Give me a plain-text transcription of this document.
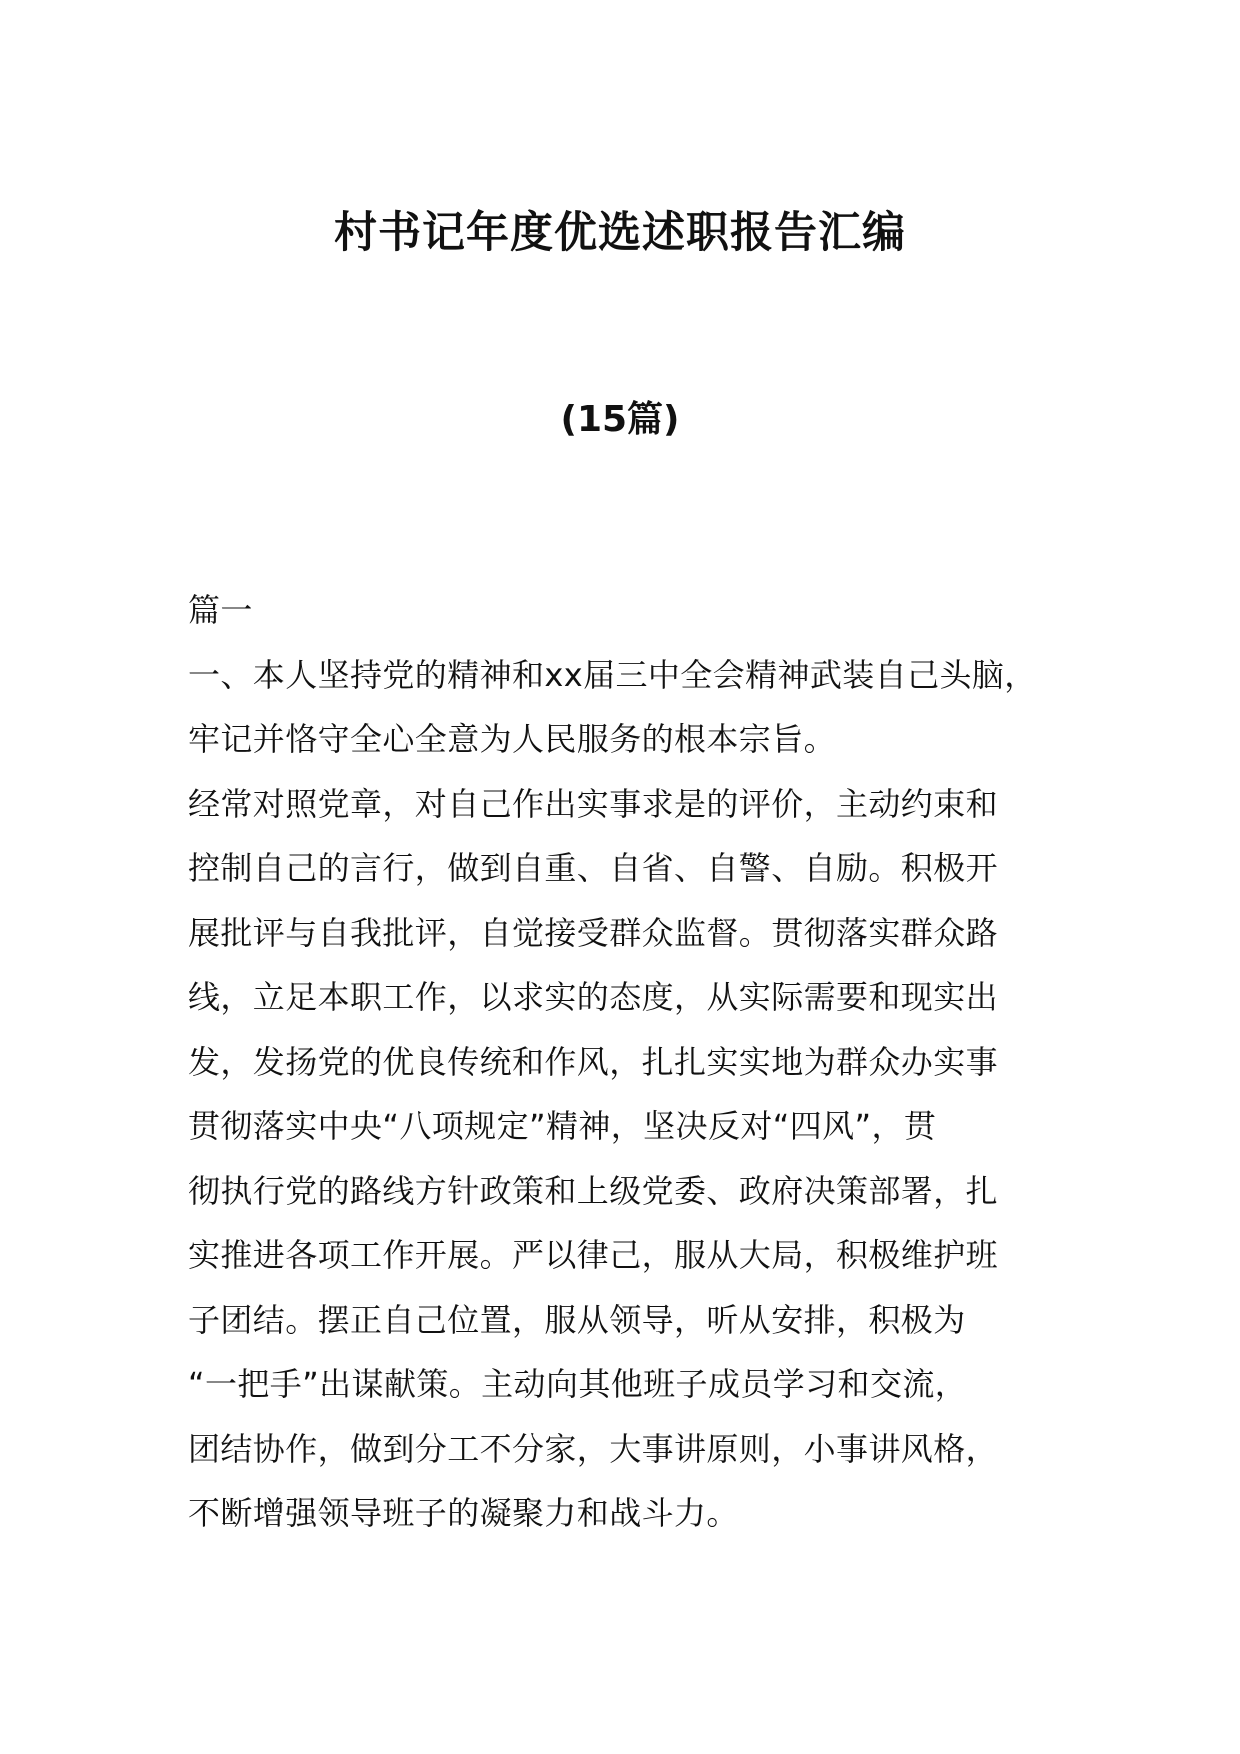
村书记年度优选述职报告汇编
(15篇)
篇一
一、本人坚持党的精神和xx届三中全会精神武装自己头脑，
牢记并恪守全心全意为人民服务的根本宗旨。
经常对照党章，对自己作出实事求是的评价，主动约束和
控制自己的言行，做到自重、自省、自警、自励。积极开
展批评与自我批评，自觉接受群众监督。贯彻落实群众路
线，立足本职工作，以求实的态度，从实际需要和现实出
发，发扬党的优良传统和作风，扎扎实实地为群众办实事
贯彻落实中央“八项规定”精神，坚决反对“四风”，贯
彻执行党的路线方针政策和上级党委、政府决策部署，扎
实推进各项工作开展。严以律己，服从大局，积极维护班
子团结。摆正自己位置，服从领导，听从安排，积极为
“一把手”出谋献策。主动向其他班子成员学习和交流，
团结协作，做到分工不分家，大事讲原则，小事讲风格，
不断增强领导班子的凝聚力和战斗力。
